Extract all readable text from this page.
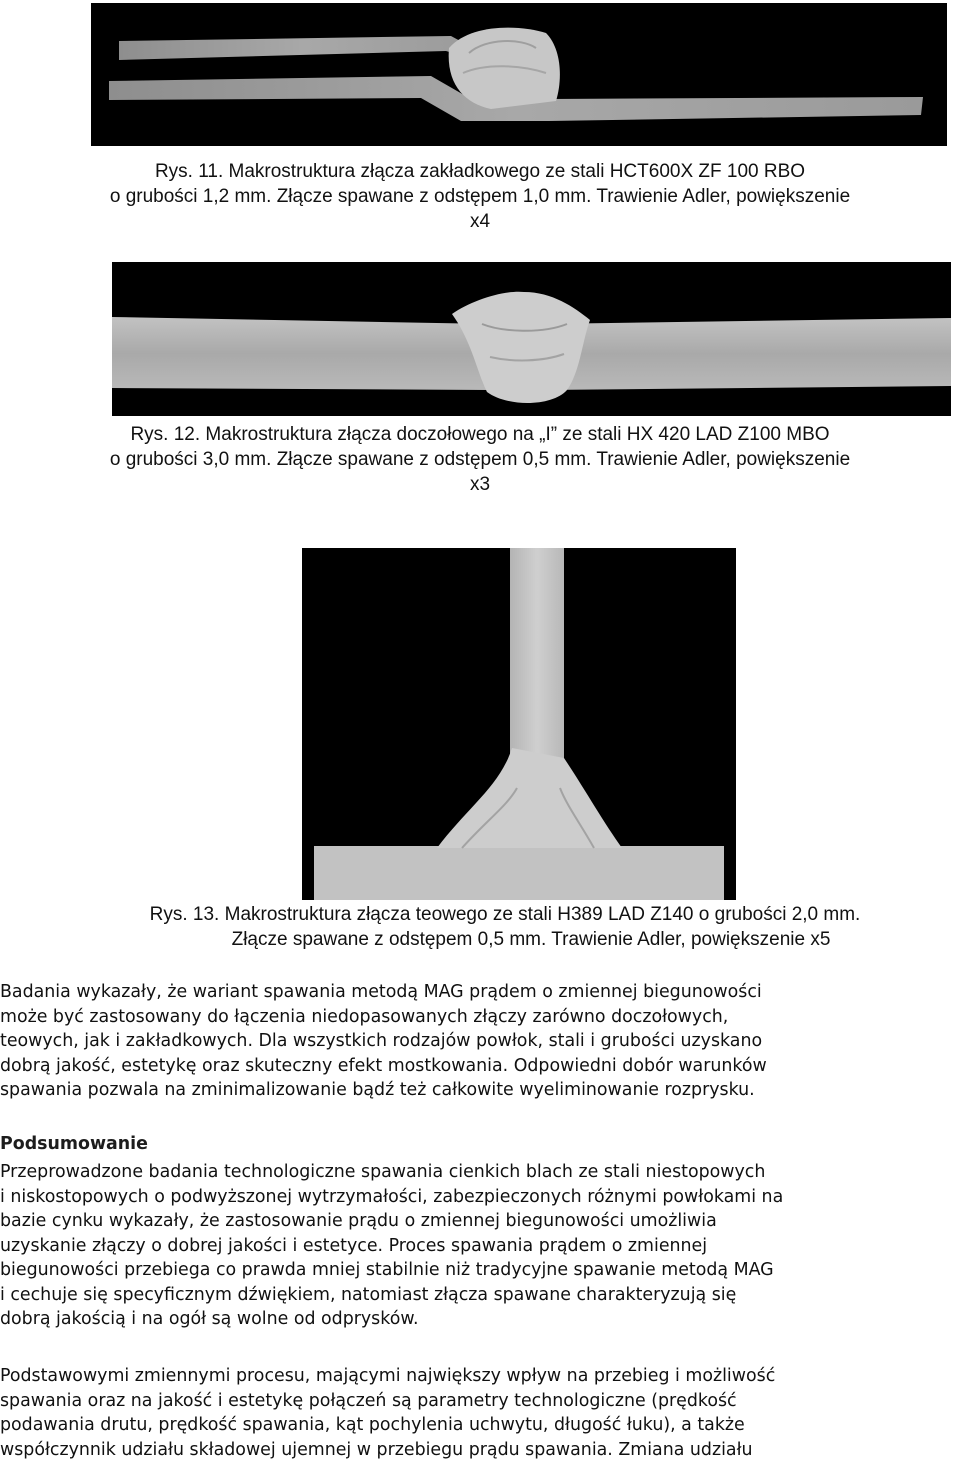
Rys. 11. Makrostruktura złącza zakładkowego ze stali HCT600X ZF 100 RBO
o grubości 1,2 mm. Złącze spawane z odstępem 1,0 mm. Trawienie Adler, powiększenie
x4
Rys. 12. Makrostruktura złącza doczołowego na „I” ze stali HX 420 LAD Z100 MBO
o grubości 3,0 mm. Złącze spawane z odstępem 0,5 mm. Trawienie Adler, powiększenie
x3
Rys. 13. Makrostruktura złącza teowego ze stali H389 LAD Z140 o grubości 2,0 mm.
Złącze spawane z odstępem 0,5 mm. Trawienie Adler, powiększenie x5
Badania wykazały, że wariant spawania metodą MAG prądem o zmiennej biegunowości
może być zastosowany do łączenia niedopasowanych złączy zarówno doczołowych,
teowych, jak i zakładkowych. Dla wszystkich rodzajów powłok, stali i grubości uzyskano
dobrą jakość, estetykę oraz skuteczny efekt mostkowania. Odpowiedni dobór warunków
spawania pozwala na zminimalizowanie bądź też całkowite wyeliminowanie rozprysku.
Podsumowanie
Przeprowadzone badania technologiczne spawania cienkich blach ze stali niestopowych
i niskostopowych o podwyższonej wytrzymałości, zabezpieczonych różnymi powłokami na
bazie cynku wykazały, że zastosowanie prądu o zmiennej biegunowości umożliwia
uzyskanie złączy o dobrej jakości i estetyce. Proces spawania prądem o zmiennej
biegunowości przebiega co prawda mniej stabilnie niż tradycyjne spawanie metodą MAG
i cechuje się specyficznym dźwiękiem, natomiast złącza spawane charakteryzują się
dobrą jakością i na ogół są wolne od odprysków.
Podstawowymi zmiennymi procesu, mającymi największy wpływ na przebieg i możliwość
spawania oraz na jakość i estetykę połączeń są parametry technologiczne (prędkość
podawania drutu, prędkość spawania, kąt pochylenia uchwytu, długość łuku), a także
współczynnik udziału składowej ujemnej w przebiegu prądu spawania. Zmiana udziału
